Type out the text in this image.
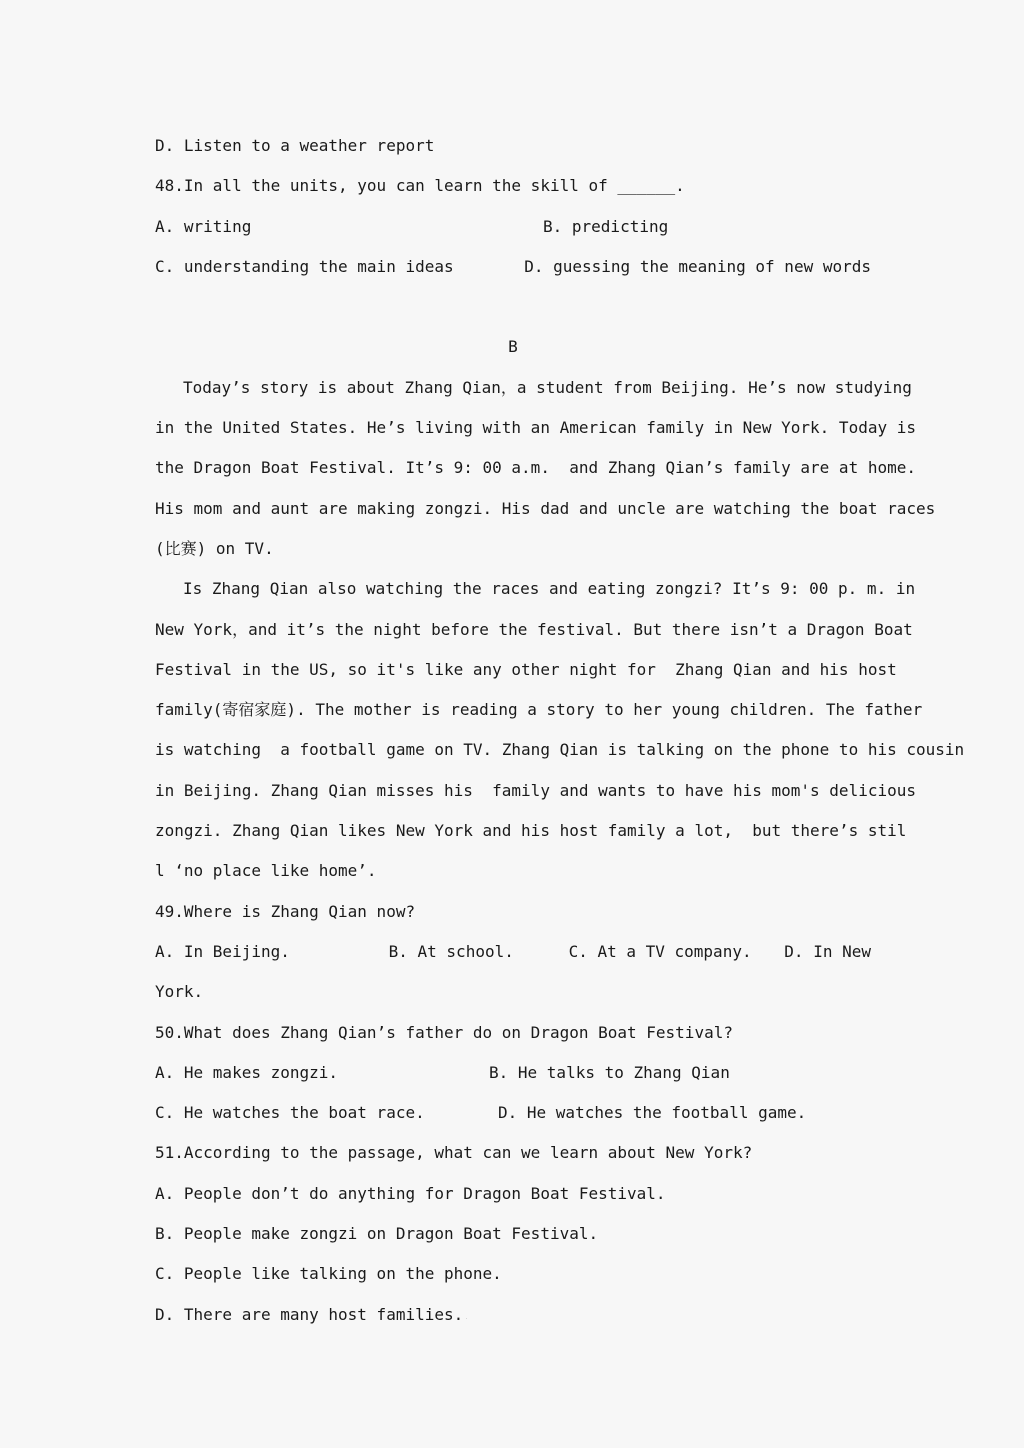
D. Listen to a weather report
48.In all the units, you can learn the skill of ______.
A. writing	B. predicting
C. understanding the main ideas	D. guessing the meaning of new words
B
Today’s story is about Zhang Qian，a student from Beijing. He’s now studying
in the United States. He’s living with an American family in New York. Today is
the Dragon Boat Festival. It’s 9: 00 a.m.  and Zhang Qian’s family are at home.
His mom and aunt are making zongzi. His dad and uncle are watching the boat races
(比赛) on TV.
Is Zhang Qian also watching the races and eating zongzi? It’s 9: 00 p. m. in
New York，and it’s the night before the festival. But there isn’t a Dragon Boat
Festival in the US, so it's like any other night for  Zhang Qian and his host
family(寄宿家庭). The mother is reading a story to her young children. The father
is watching  a football game on TV. Zhang Qian is talking on the phone to his cousin
in Beijing. Zhang Qian misses his  family and wants to have his mom's delicious
zongzi. Zhang Qian likes New York and his host family a lot,  but there’s stil
l ‘no place like home’.
49.Where is Zhang Qian now?
A. In Beijing.	B. At school.	C. At a TV company.	D. In New
York.
50.What does Zhang Qian’s father do on Dragon Boat Festival?
A. He makes zongzi.	B. He talks to Zhang Qian
C. He watches the boat race.	D. He watches the football game.
51.According to the passage, what can we learn about New York?
A. People don’t do anything for Dragon Boat Festival.
B. People make zongzi on Dragon Boat Festival.
C. People like talking on the phone.
D. There are many host families. ·
